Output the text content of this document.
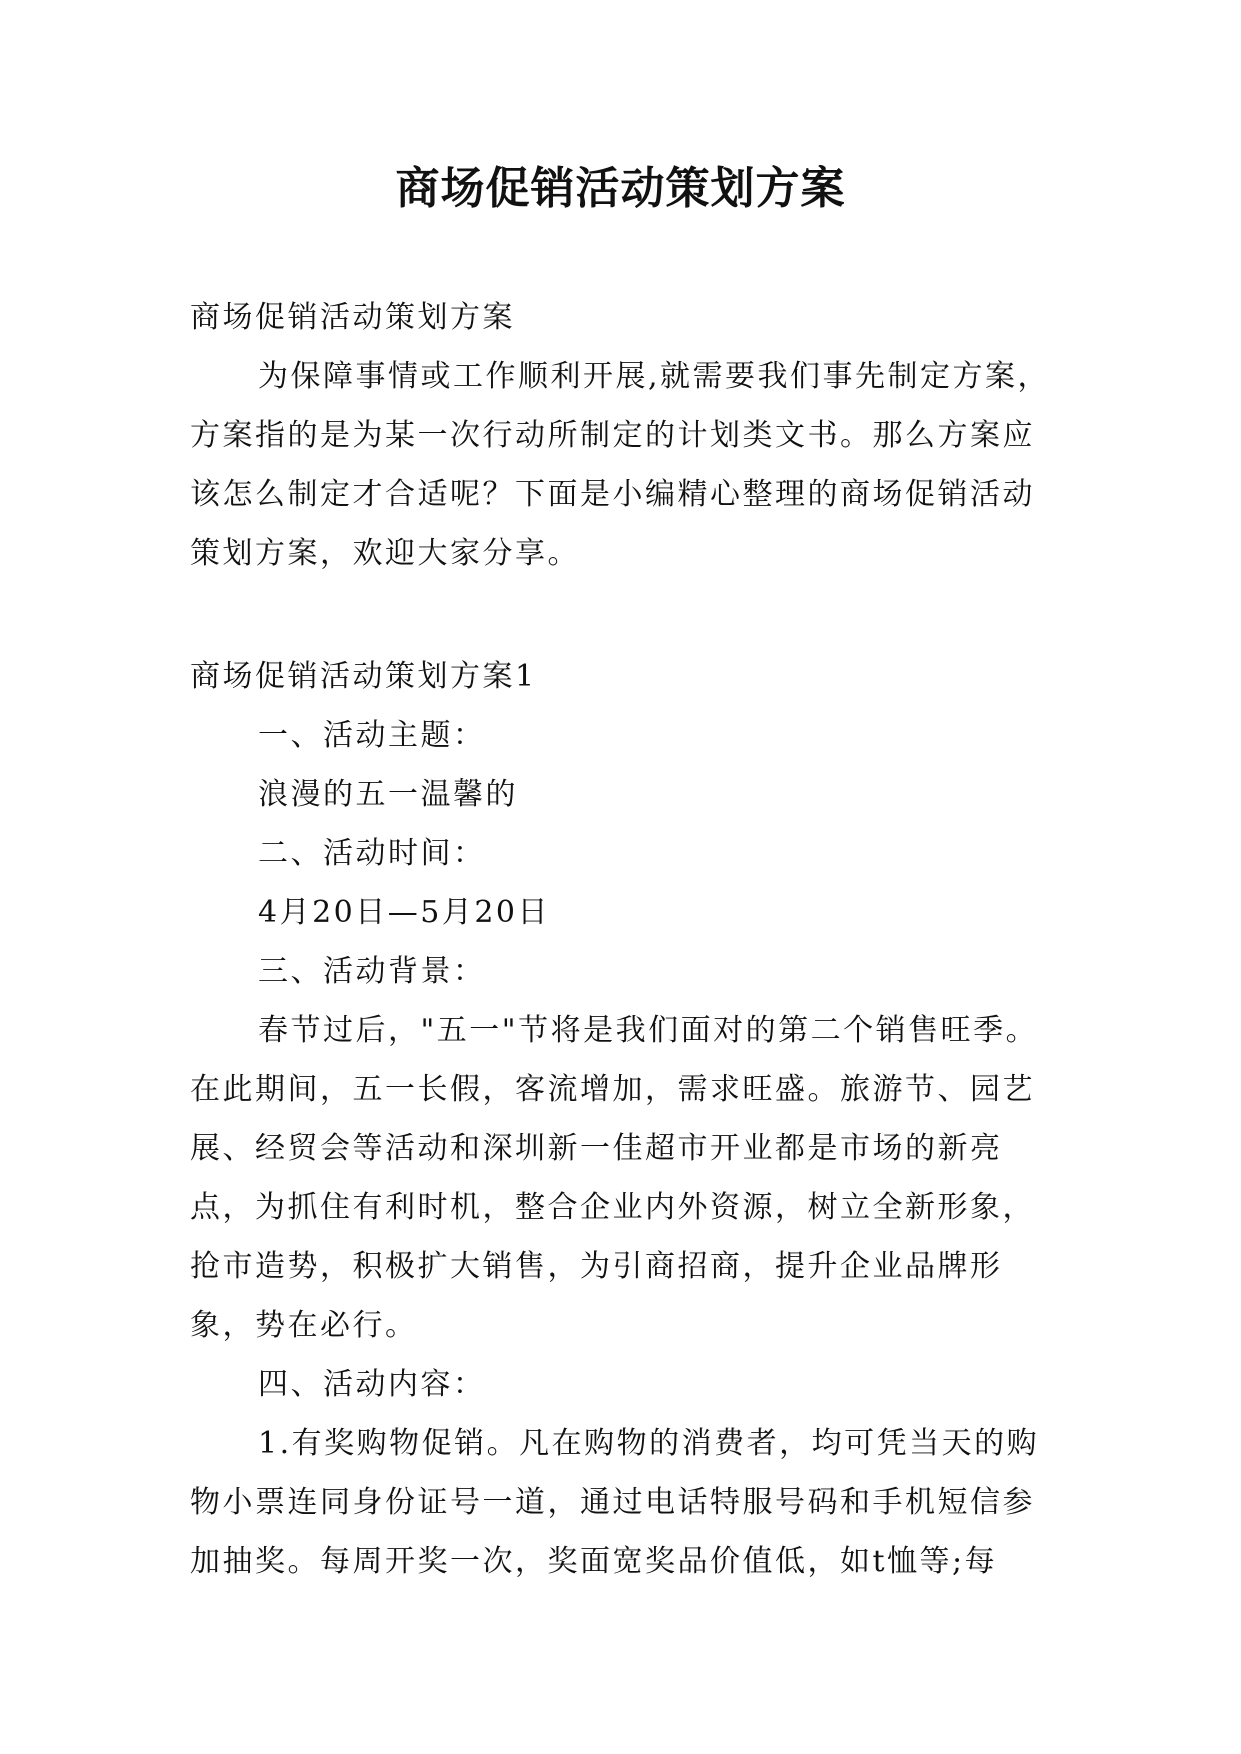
商场促销活动策划方案

商场促销活动策划方案

为保障事情或工作顺利开展,就需要我们事先制定方案，方案指的是为某一次行动所制定的计划类文书。那么方案应该怎么制定才合适呢？下面是小编精心整理的商场促销活动策划方案，欢迎大家分享。

商场促销活动策划方案1

一、活动主题：

浪漫的五一温馨的

二、活动时间：

4月20日—5月20日

三、活动背景：

春节过后，"五一"节将是我们面对的第二个销售旺季。在此期间，五一长假，客流增加，需求旺盛。旅游节、园艺展、经贸会等活动和深圳新一佳超市开业都是市场的新亮点，为抓住有利时机，整合企业内外资源，树立全新形象，抢市造势，积极扩大销售，为引商招商，提升企业品牌形象，势在必行。

四、活动内容：

1.有奖购物促销。凡在购物的消费者，均可凭当天的购物小票连同身份证号一道，通过电话特服号码和手机短信参加抽奖。每周开奖一次，奖面宽奖品价值低，如t恤等;每
